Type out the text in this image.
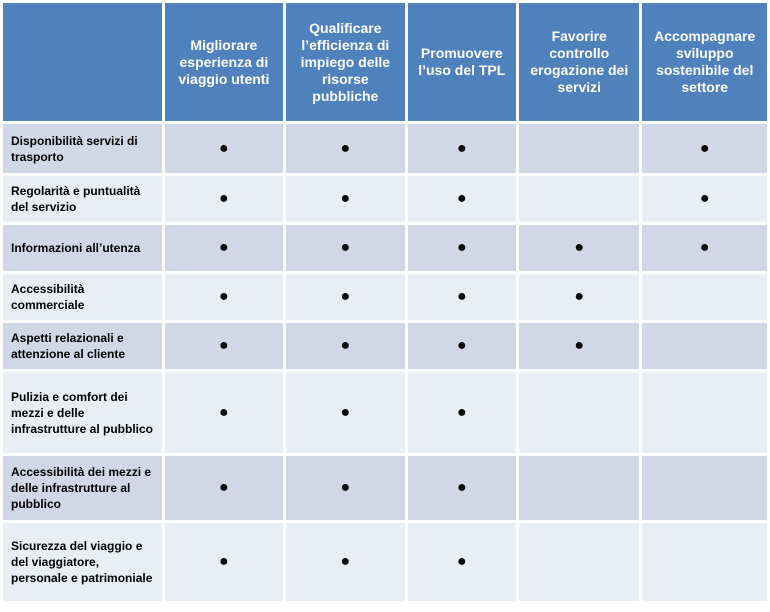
	Migliorare esperienza di viaggio utenti	Qualificare l’efficienza di impiego delle risorse pubbliche	Promuovere l’uso del TPL	Favorire controllo erogazione dei servizi	Accompagnare sviluppo sostenibile del settore
Disponibilità servizi di trasporto	●	●	●		●
Regolarità e puntualità del servizio	●	●	●		●
Informazioni all’utenza	●	●	●	●	●
Accessibilità commerciale	●	●	●	●	
Aspetti relazionali e attenzione al cliente	●	●	●	●	
Pulizia e comfort dei mezzi e delle infrastrutture al pubblico	●	●	●		
Accessibilità dei mezzi e delle infrastrutture al pubblico	●	●	●		
Sicurezza del viaggio e del viaggiatore, personale e patrimoniale	●	●	●		
